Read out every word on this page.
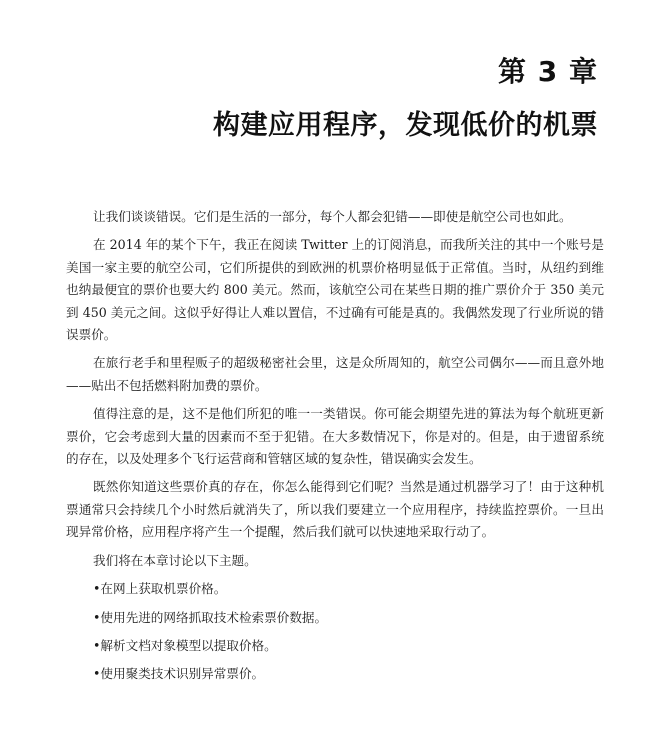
第 3 章
构建应用程序，发现低价的机票

让我们谈谈错误。它们是生活的一部分，每个人都会犯错——即使是航空公司也如此。

在 2014 年的某个下午，我正在阅读 Twitter 上的订阅消息，而我所关注的其中一个账号是美国一家主要的航空公司，它们所提供的到欧洲的机票价格明显低于正常值。当时，从纽约到维也纳最便宜的票价也要大约 800 美元。然而，该航空公司在某些日期的推广票价介于 350 美元到 450 美元之间。这似乎好得让人难以置信，不过确有可能是真的。我偶然发现了行业所说的错误票价。

在旅行老手和里程贩子的超级秘密社会里，这是众所周知的，航空公司偶尔——而且意外地——贴出不包括燃料附加费的票价。

值得注意的是，这不是他们所犯的唯一一类错误。你可能会期望先进的算法为每个航班更新票价，它会考虑到大量的因素而不至于犯错。在大多数情况下，你是对的。但是，由于遗留系统的存在，以及处理多个飞行运营商和管辖区域的复杂性，错误确实会发生。

既然你知道这些票价真的存在，你怎么能得到它们呢？当然是通过机器学习了！由于这种机票通常只会持续几个小时然后就消失了，所以我们要建立一个应用程序，持续监控票价。一旦出现异常价格，应用程序将产生一个提醒，然后我们就可以快速地采取行动了。

我们将在本章讨论以下主题。

•在网上获取机票价格。
•使用先进的网络抓取技术检索票价数据。
•解析文档对象模型以提取价格。
•使用聚类技术识别异常票价。
